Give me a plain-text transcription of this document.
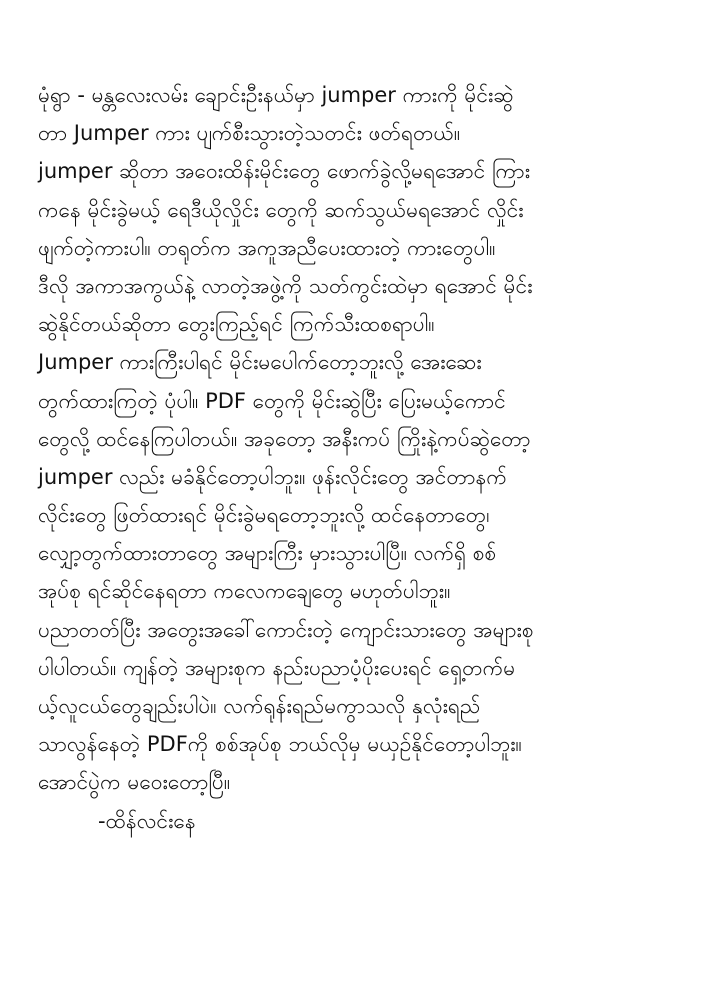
မုံရွာ - မန္တလေးလမ်း ချောင်းဦးနယ်မှာ jumper ကားကို မိုင်းဆွဲ
တာ Jumper ကား ပျက်စီးသွားတဲ့သတင်း ဖတ်ရတယ်။
jumper ဆိုတာ အဝေးထိန်းမိုင်းတွေ ဖောက်ခွဲလို့မရအောင် ကြား
ကနေ မိုင်းခွဲမယ့် ရေဒီယိုလှိုင်း တွေကို ဆက်သွယ်မရအောင် လှိုင်း
ဖျက်တဲ့ကားပါ။ တရုတ်က အကူအညီပေးထားတဲ့ ကားတွေပါ။
ဒီလို အကာအကွယ်နဲ့ လာတဲ့အဖွဲ့ကို သတ်ကွင်းထဲမှာ ရအောင် မိုင်း
ဆွဲနိုင်တယ်ဆိုတာ တွေးကြည့်ရင် ကြက်သီးထစရာပါ။
Jumper ကားကြီးပါရင် မိုင်းမပေါက်တော့ဘူးလို့ အေးဆေး
တွက်ထားကြတဲ့ ပုံပါ။ PDF တွေကို မိုင်းဆွဲပြီး ပြေးမယ့်ကောင်
တွေလို့ ထင်နေကြပါတယ်။ အခုတော့ အနီးကပ် ကြိုးနဲ့ကပ်ဆွဲတော့
jumper လည်း မခံနိုင်တော့ပါဘူး။ ဖုန်းလိုင်းတွေ အင်တာနက်
လိုင်းတွေ ဖြတ်ထားရင် မိုင်းခွဲမရတော့ဘူးလို့ ထင်နေတာတွေ၊
လျှော့တွက်ထားတာတွေ အများကြီး မှားသွားပါပြီ။ လက်ရှိ စစ်
အုပ်စု ရင်ဆိုင်နေရတာ ကလေကချေတွေ မဟုတ်ပါဘူး။
ပညာတတ်ပြီး အတွေးအခေါ်ကောင်းတဲ့ ကျောင်းသားတွေ အများစု
ပါပါတယ်။ ကျန်တဲ့ အများစုက နည်းပညာပံ့ပိုးပေးရင် ရှေ့တက်မ
ယ့်လူငယ်တွေချည်းပါပဲ။ လက်ရုန်းရည်မကွာသလို နှလုံးရည်
သာလွန်နေတဲ့ PDFကို စစ်အုပ်စု ဘယ်လိုမှ မယှဉ်နိုင်တော့ပါဘူး။
အောင်ပွဲက မဝေးတော့ပြီ။
-ထိန်လင်းနေ
